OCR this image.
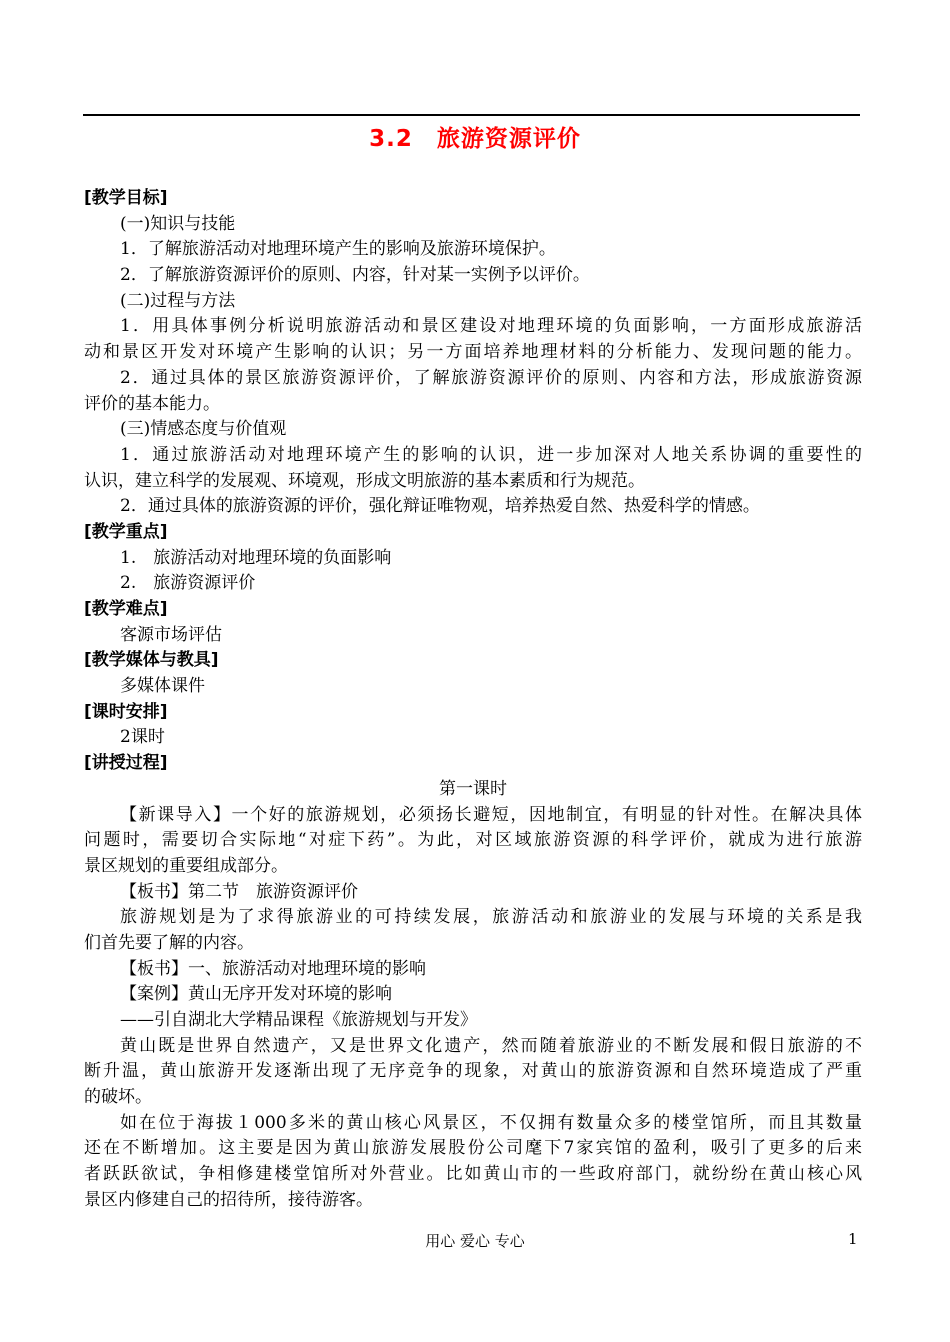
3.2　旅游资源评价
[教学目标]
(一)知识与技能
1．了解旅游活动对地理环境产生的影响及旅游环境保护。
2．了解旅游资源评价的原则、内容，针对某一实例予以评价。
(二)过程与方法
1．用具体事例分析说明旅游活动和景区建设对地理环境的负面影响，一方面形成旅游活
动和景区开发对环境产生影响的认识；另一方面培养地理材料的分析能力、发现问题的能力。
2．通过具体的景区旅游资源评价，了解旅游资源评价的原则、内容和方法，形成旅游资源
评价的基本能力。
(三)情感态度与价值观
1．通过旅游活动对地理环境产生的影响的认识，进一步加深对人地关系协调的重要性的
认识，建立科学的发展观、环境观，形成文明旅游的基本素质和行为规范。
2．通过具体的旅游资源的评价，强化辩证唯物观，培养热爱自然、热爱科学的情感。
[教学重点]
1.　旅游活动对地理环境的负面影响
2.　旅游资源评价
[教学难点]
客源市场评估
[教学媒体与教具]
多媒体课件
[课时安排]
2课时
[讲授过程]
第一课时
【新课导入】一个好的旅游规划，必须扬长避短，因地制宜，有明显的针对性。在解决具体
问题时，需要切合实际地“对症下药”。为此，对区域旅游资源的科学评价，就成为进行旅游
景区规划的重要组成部分。
【板书】第二节　旅游资源评价
旅游规划是为了求得旅游业的可持续发展，旅游活动和旅游业的发展与环境的关系是我
们首先要了解的内容。
【板书】一、旅游活动对地理环境的影响
【案例】黄山无序开发对环境的影响
——引自湖北大学精品课程《旅游规划与开发》
黄山既是世界自然遗产，又是世界文化遗产，然而随着旅游业的不断发展和假日旅游的不
断升温，黄山旅游开发逐渐出现了无序竞争的现象，对黄山的旅游资源和自然环境造成了严重
的破坏。
如在位于海拔１000多米的黄山核心风景区，不仅拥有数量众多的楼堂馆所，而且其数量
还在不断增加。这主要是因为黄山旅游发展股份公司麾下7家宾馆的盈利，吸引了更多的后来
者跃跃欲试，争相修建楼堂馆所对外营业。比如黄山市的一些政府部门，就纷纷在黄山核心风
景区内修建自己的招待所，接待游客。
用心 爱心 专心	1
